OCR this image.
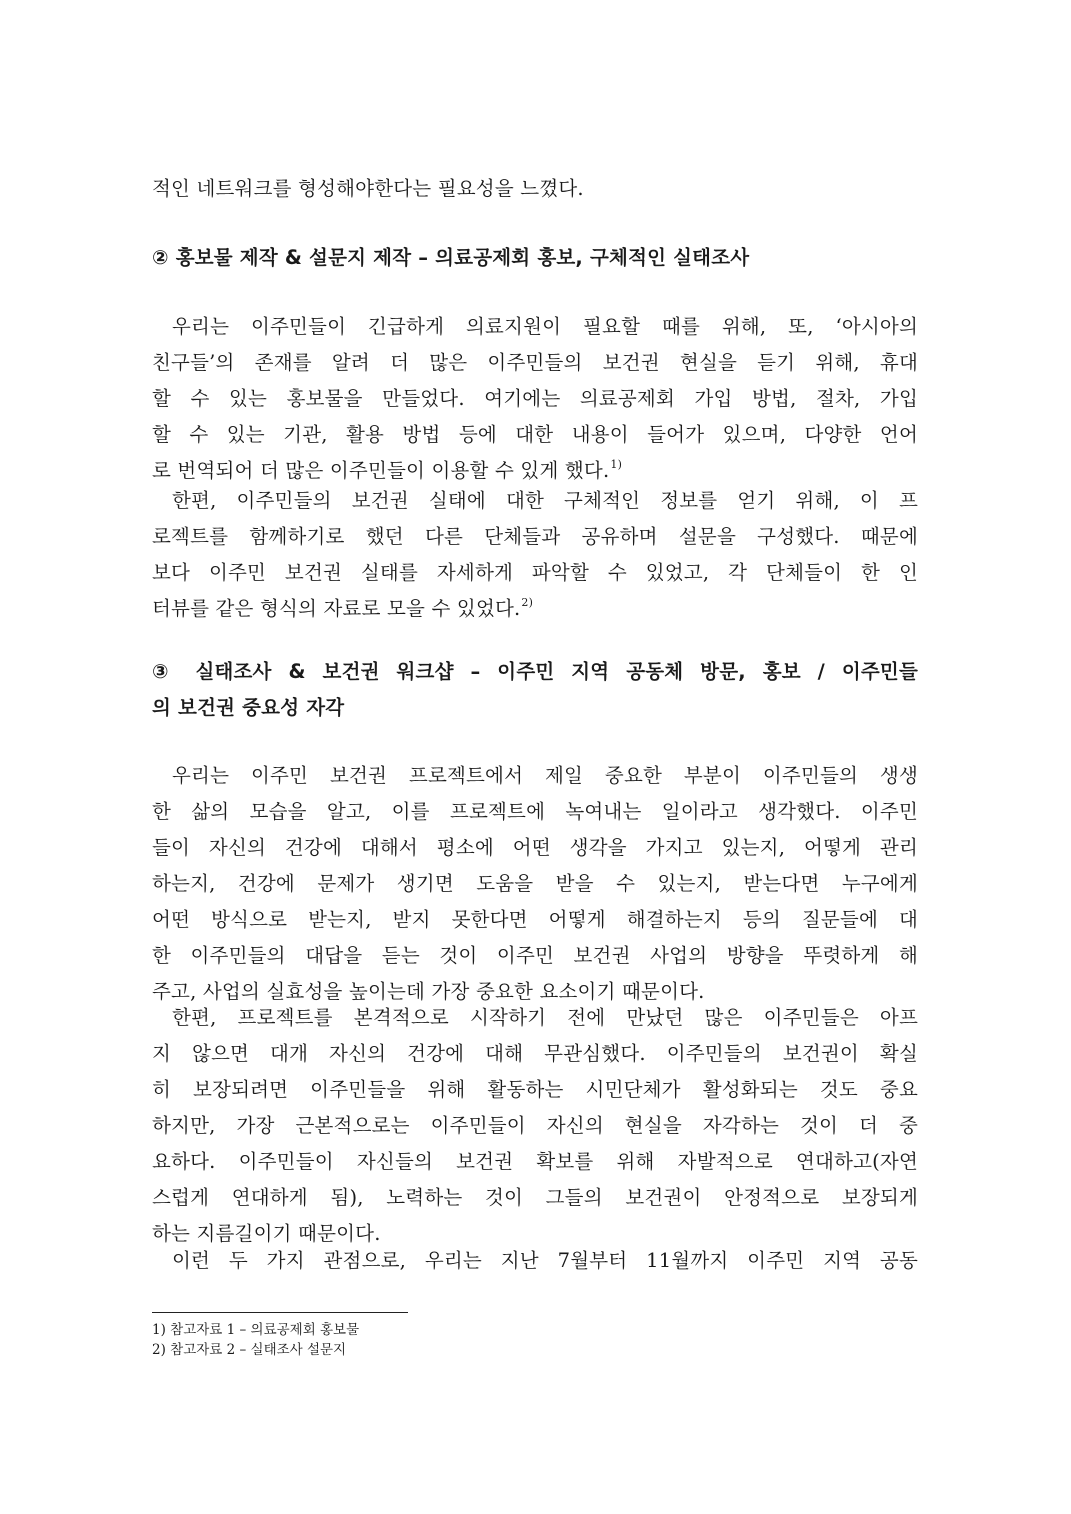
적인 네트워크를 형성해야한다는 필요성을 느꼈다.
② 홍보물 제작 & 설문지 제작 – 의료공제회 홍보, 구체적인 실태조사
우리는 이주민들이 긴급하게 의료지원이 필요할 때를 위해, 또, ‘아시아의
친구들’의 존재를 알려 더 많은 이주민들의 보건권 현실을 듣기 위해, 휴대
할 수 있는 홍보물을 만들었다. 여기에는 의료공제회 가입 방법, 절차, 가입
할 수 있는 기관, 활용 방법 등에 대한 내용이 들어가 있으며, 다양한 언어
로 번역되어 더 많은 이주민들이 이용할 수 있게 했다.$^{1)}$
한편, 이주민들의 보건권 실태에 대한 구체적인 정보를 얻기 위해, 이 프
로젝트를 함께하기로 했던 다른 단체들과 공유하며 설문을 구성했다. 때문에
보다 이주민 보건권 실태를 자세하게 파악할 수 있었고, 각 단체들이 한 인
터뷰를 같은 형식의 자료로 모을 수 있었다.$^{2)}$
③ 실태조사 & 보건권 워크샵 – 이주민 지역 공동체 방문, 홍보 / 이주민들
의 보건권 중요성 자각
우리는 이주민 보건권 프로젝트에서 제일 중요한 부분이 이주민들의 생생
한 삶의 모습을 알고, 이를 프로젝트에 녹여내는 일이라고 생각했다. 이주민
들이 자신의 건강에 대해서 평소에 어떤 생각을 가지고 있는지, 어떻게 관리
하는지, 건강에 문제가 생기면 도움을 받을 수 있는지, 받는다면 누구에게
어떤 방식으로 받는지, 받지 못한다면 어떻게 해결하는지 등의 질문들에 대
한 이주민들의 대답을 듣는 것이 이주민 보건권 사업의 방향을 뚜렷하게 해
주고, 사업의 실효성을 높이는데 가장 중요한 요소이기 때문이다.
한편, 프로젝트를 본격적으로 시작하기 전에 만났던 많은 이주민들은 아프
지 않으면 대개 자신의 건강에 대해 무관심했다. 이주민들의 보건권이 확실
히 보장되려면 이주민들을 위해 활동하는 시민단체가 활성화되는 것도 중요
하지만, 가장 근본적으로는 이주민들이 자신의 현실을 자각하는 것이 더 중
요하다. 이주민들이 자신들의 보건권 확보를 위해 자발적으로 연대하고(자연
스럽게 연대하게 됨), 노력하는 것이 그들의 보건권이 안정적으로 보장되게
하는 지름길이기 때문이다.
이런 두 가지 관점으로, 우리는 지난 7월부터 11월까지 이주민 지역 공동
1) 참고자료 1 – 의료공제회 홍보물
2) 참고자료 2 – 실태조사 설문지
